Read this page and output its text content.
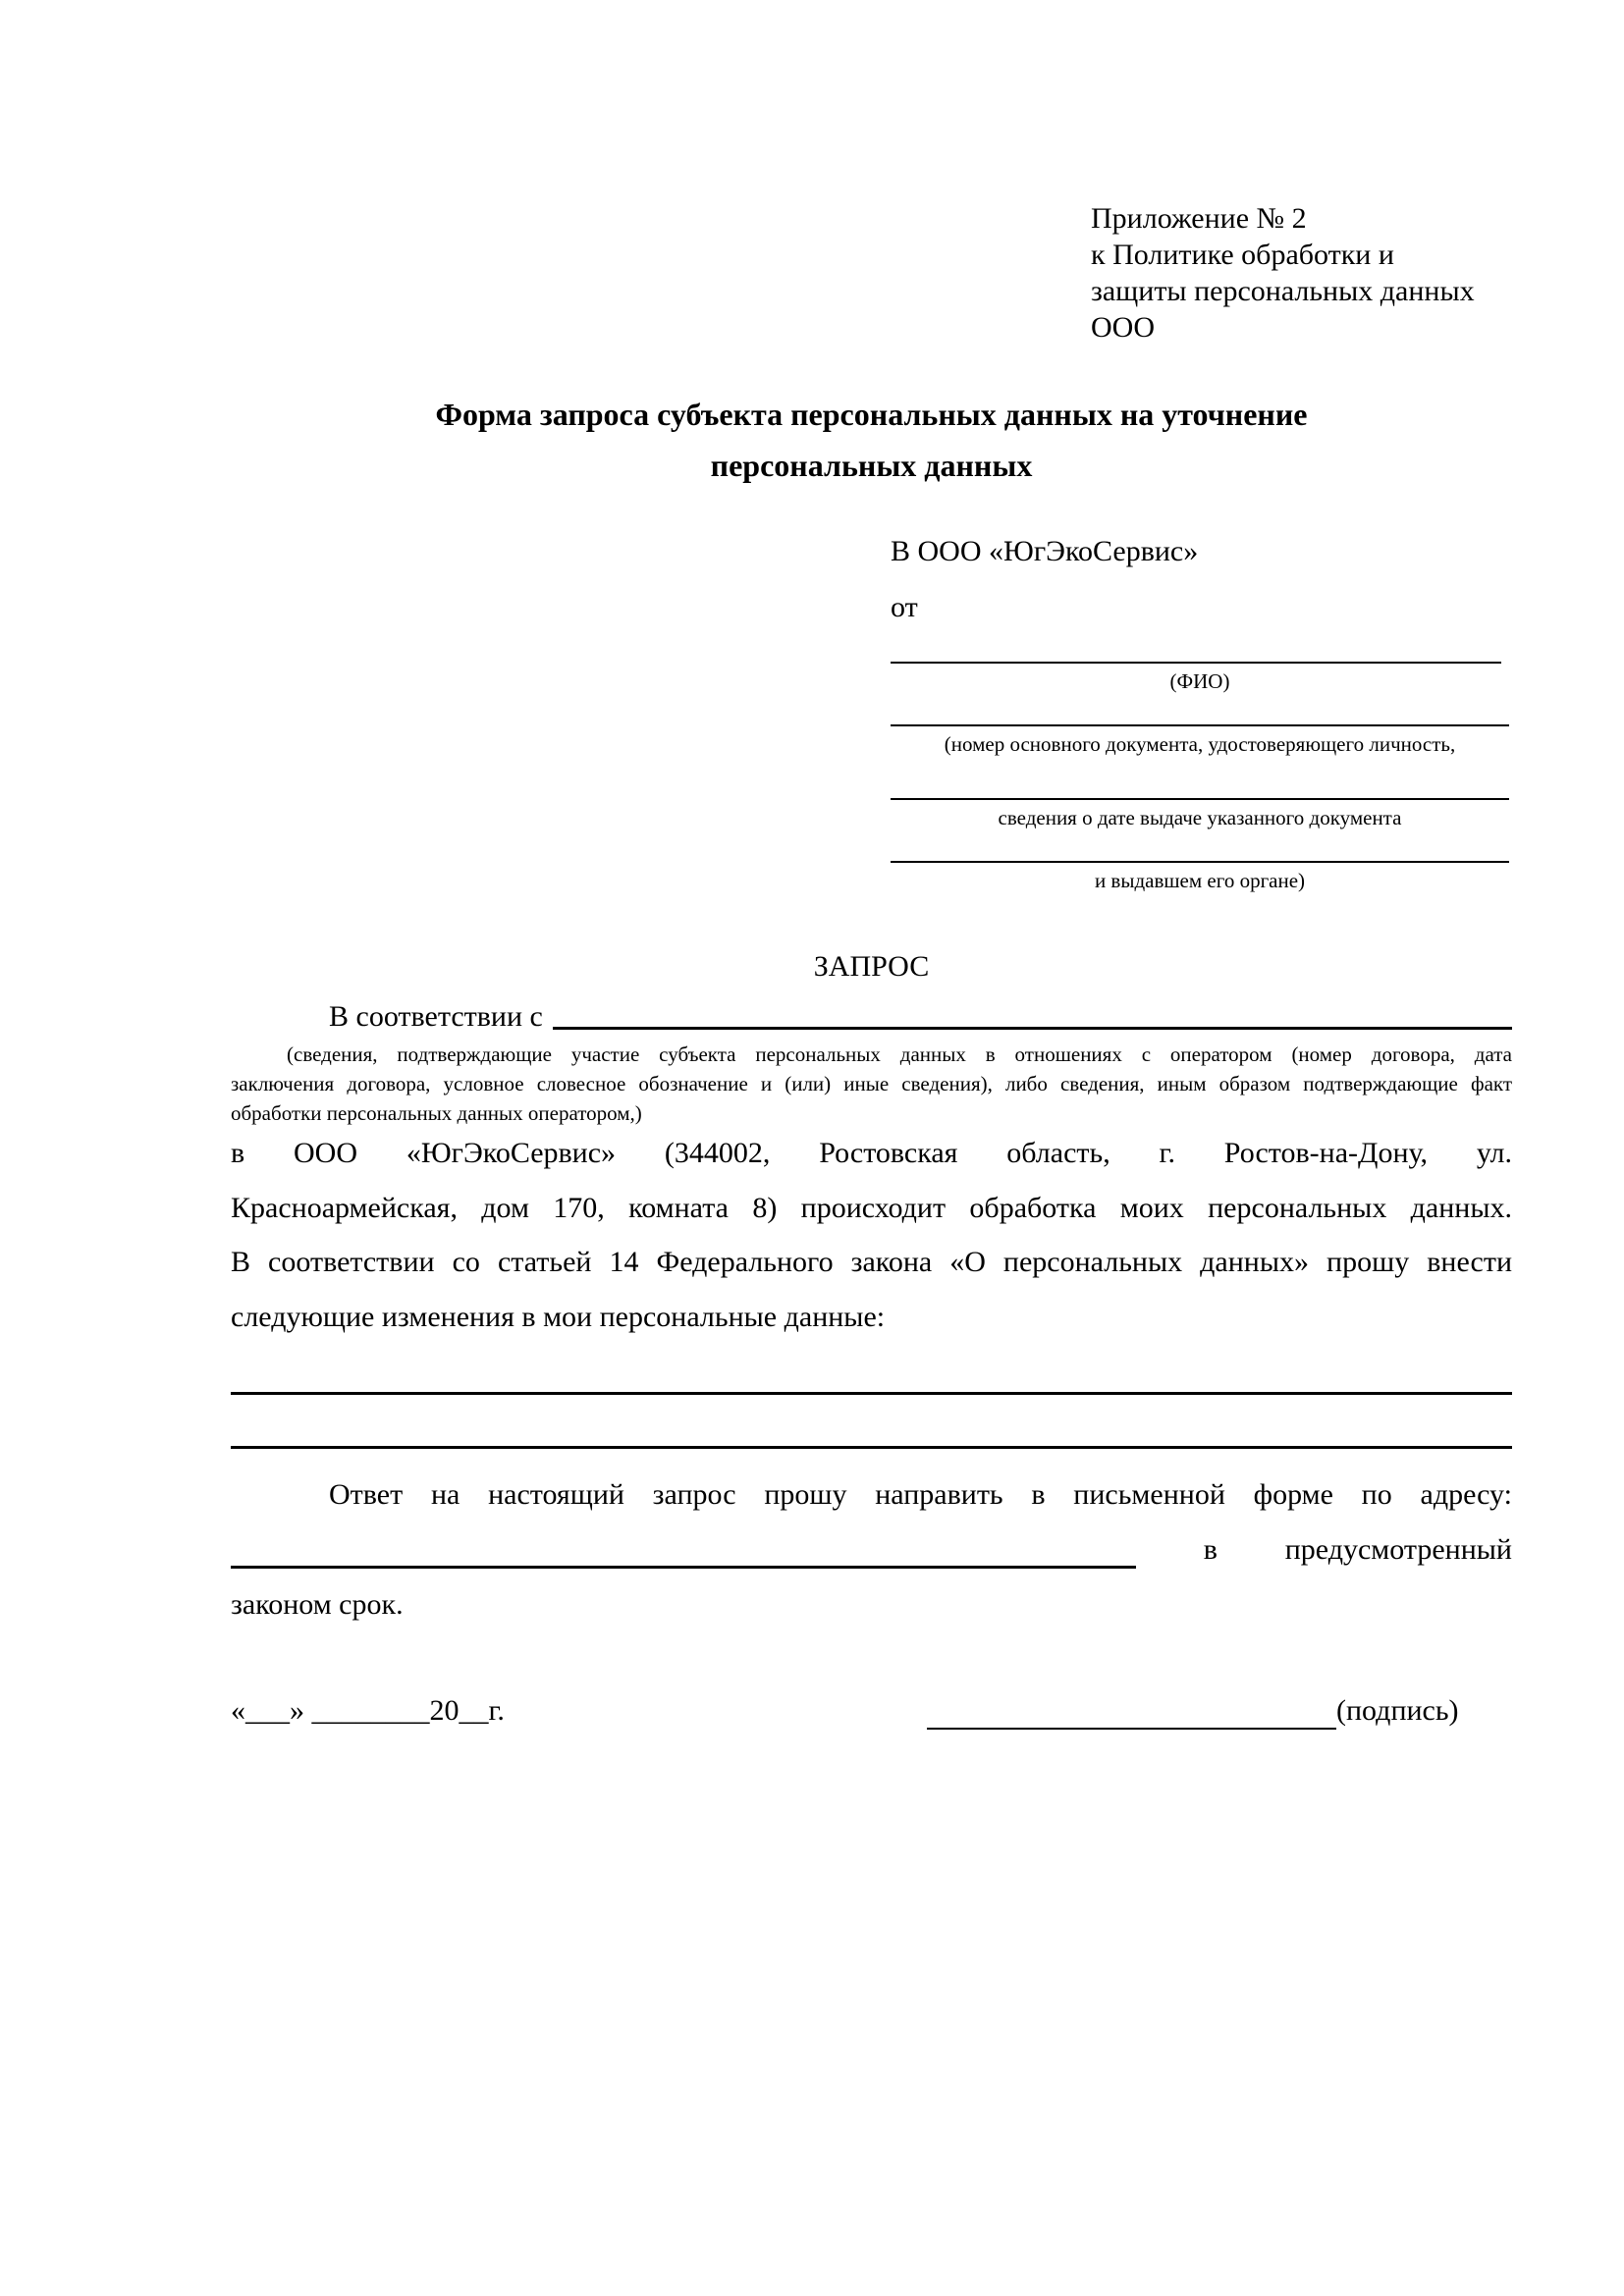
Приложение № 2
к Политике обработки и
защиты персональных данных
ООО
Форма запроса субъекта персональных данных на уточнение
персональных данных
В ООО «ЮгЭкоСервис»
от
(ФИО)
(номер основного документа, удостоверяющего личность,
сведения о дате выдаче указанного документа
и выдавшем его органе)
ЗАПРОС
В соответствии с
(сведения, подтверждающие участие субъекта персональных данных в отношениях с оператором (номер договора, дата
заключения договора, условное словесное обозначение и (или) иные сведения), либо сведения, иным образом подтверждающие факт
обработки персональных данных оператором,)
в ООО «ЮгЭкоСервис» (344002, Ростовская область, г. Ростов-на-Дону, ул.
Красноармейская, дом 170, комната 8) происходит обработка моих персональных данных.
В соответствии со статьей 14 Федерального закона «О персональных данных» прошу внести
следующие изменения в мои персональные данные:
Ответ на настоящий запрос прошу направить в письменной форме по адресу:
в предусмотренный
законом срок.
«___» ________20__г.	(подпись)
